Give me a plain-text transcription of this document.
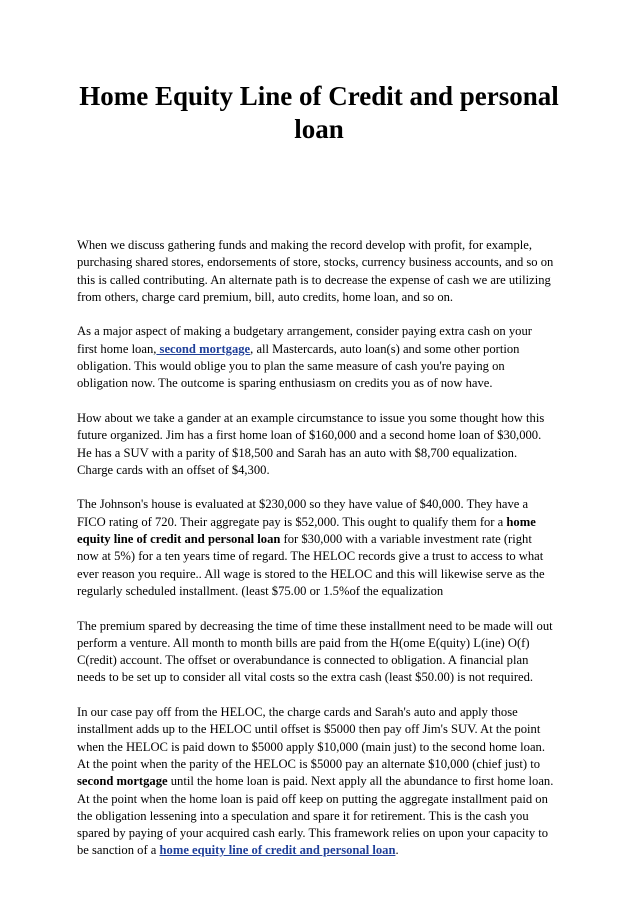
Home Equity Line of Credit and personal loan

When we discuss gathering funds and making the record develop with profit, for example, purchasing shared stores, endorsements of store, stocks, currency business accounts, and so on this is called contributing. An alternate path is to decrease the expense of cash we are utilizing from others, charge card premium, bill, auto credits, home loan, and so on.

As a major aspect of making a budgetary arrangement, consider paying extra cash on your first home loan, second mortgage, all Mastercards, auto loan(s) and some other portion obligation. This would oblige you to plan the same measure of cash you're paying on obligation now. The outcome is sparing enthusiasm on credits you as of now have.

How about we take a gander at an example circumstance to issue you some thought how this future organized. Jim has a first home loan of $160,000 and a second home loan of $30,000. He has a SUV with a parity of $18,500 and Sarah has an auto with $8,700 equalization. Charge cards with an offset of $4,300.

The Johnson's house is evaluated at $230,000 so they have value of $40,000. They have a FICO rating of 720. Their aggregate pay is $52,000. This ought to qualify them for a home equity line of credit and personal loan for $30,000 with a variable investment rate (right now at 5%) for a ten years time of regard. The HELOC records give a trust to access to what ever reason you require.. All wage is stored to the HELOC and this will likewise serve as the regularly scheduled installment. (least $75.00 or 1.5%of the equalization

The premium spared by decreasing the time of time these installment need to be made will out perform a venture. All month to month bills are paid from the H(ome E(quity) L(ine) O(f) C(redit) account. The offset or overabundance is connected to obligation. A financial plan needs to be set up to consider all vital costs so the extra cash (least $50.00) is not required.

In our case pay off from the HELOC, the charge cards and Sarah's auto and apply those installment adds up to the HELOC until offset is $5000 then pay off Jim's SUV. At the point when the HELOC is paid down to $5000 apply $10,000 (main just) to the second home loan. At the point when the parity of the HELOC is $5000 pay an alternate $10,000 (chief just) to second mortgage until the home loan is paid. Next apply all the abundance to first home loan. At the point when the home loan is paid off keep on putting the aggregate installment paid on the obligation lessening into a speculation and spare it for retirement. This is the cash you spared by paying of your acquired cash early. This framework relies on upon your capacity to be sanction of a home equity line of credit and personal loan.
